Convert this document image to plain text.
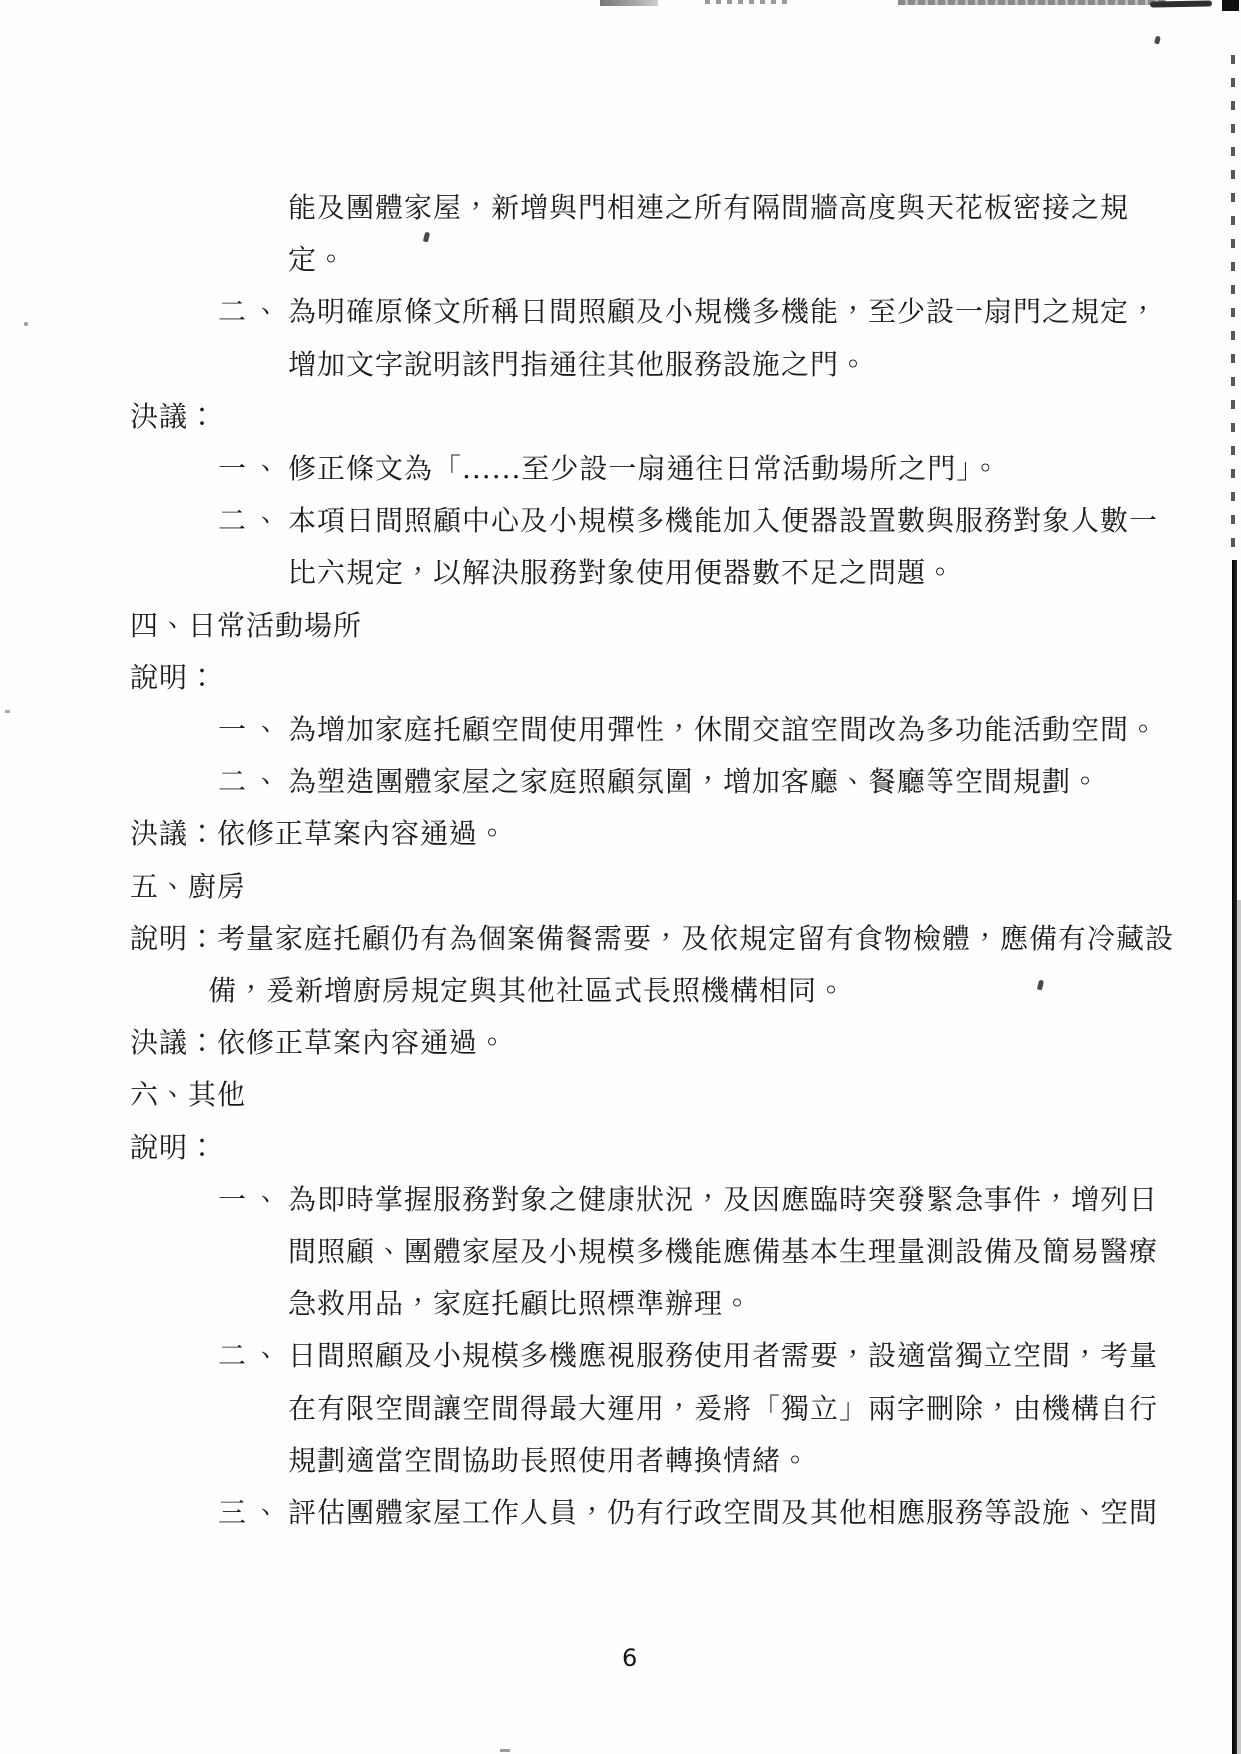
能及團體家屋，新增與門相連之所有隔間牆高度與天花板密接之規
定。
二、為明確原條文所稱日間照顧及小規機多機能，至少設一扇門之規定，
增加文字說明該門指通往其他服務設施之門。
決議：
一、修正條文為「......至少設一扇通往日常活動場所之門」。
二、本項日間照顧中心及小規模多機能加入便器設置數與服務對象人數一
比六規定，以解決服務對象使用便器數不足之問題。
四、日常活動場所
說明：
一、為增加家庭托顧空間使用彈性，休閒交誼空間改為多功能活動空間。
二、為塑造團體家屋之家庭照顧氛圍，增加客廳、餐廳等空間規劃。
決議：依修正草案內容通過。
五、廚房
說明：考量家庭托顧仍有為個案備餐需要，及依規定留有食物檢體，應備有冷藏設
備，爰新增廚房規定與其他社區式長照機構相同。
決議：依修正草案內容通過。
六、其他
說明：
一、為即時掌握服務對象之健康狀況，及因應臨時突發緊急事件，增列日
間照顧、團體家屋及小規模多機能應備基本生理量測設備及簡易醫療
急救用品，家庭托顧比照標準辦理。
二、日間照顧及小規模多機應視服務使用者需要，設適當獨立空間，考量
在有限空間讓空間得最大運用，爰將「獨立」兩字刪除，由機構自行
規劃適當空間協助長照使用者轉換情緒。
三、評估團體家屋工作人員，仍有行政空間及其他相應服務等設施、空間
6
